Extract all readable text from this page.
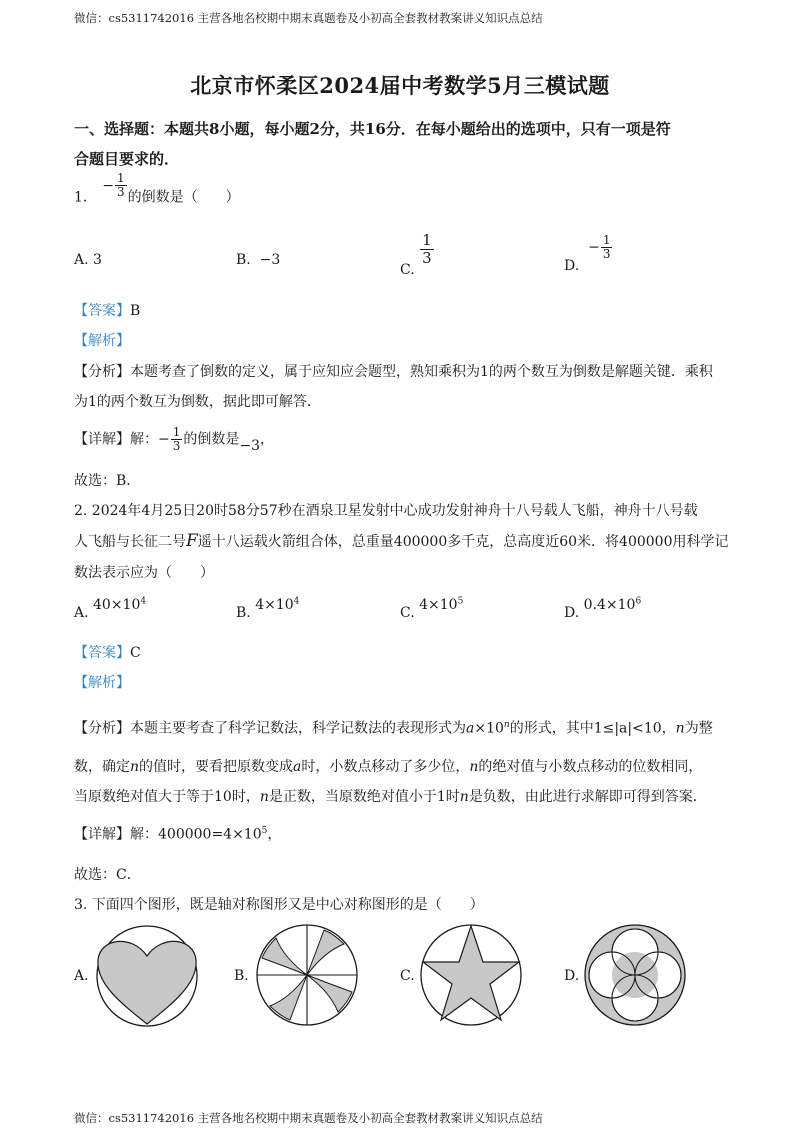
微信：cs5311742016 主营各地名校期中期末真题卷及小初高全套教材教案讲义知识点总结
微信：cs5311742016 主营各地名校期中期末真题卷及小初高全套教材教案讲义知识点总结
北京市怀柔区2024届中考数学5月三模试题
一、选择题：本题共8小题，每小题2分，共16分．在每小题给出的选项中，只有一项是符
合题目要求的．
1.  − $\frac{1}{3}$ 的倒数是（　　）
A. 3	B. −3
C.
$\frac{1}{3}$	D.  − $\frac{1}{3}$
【答案】B
【解析】
【分析】本题考查了倒数的定义，属于应知应会题型，熟知乘积为1的两个数互为倒数是解题关键．乘积
为1的两个数互为倒数，据此即可解答．
【详解】解：− $\frac{1}{3}$ 的倒数是−3，
故选：B．
2. 2024年4月25日20时58分57秒在酒泉卫星发射中心成功发射神舟十八号载人飞船，神舟十八号载
人飞船与长征二号F遥十八运载火箭组合体，总重量400000多千克，总高度近60米．将400000用科学记
数法表示应为（　　）
A. $40\times 10^4$
B. $4\times 10^4$
C. $4\times 10^5$
D. $0.4\times 10^6$
【答案】C
【解析】
【分析】本题主要考查了科学记数法，科学记数法的表现形式为$a\times 10^n$的形式，其中1≤|a|<10，n为整
数，确定n的值时，要看把原数变成a时，小数点移动了多少位，n的绝对值与小数点移动的位数相同，
当原数绝对值大于等于10时，n是正数，当原数绝对值小于1时n是负数，由此进行求解即可得到答案．
【详解】解：$400000=4\times 10^5$，
故选：C．
3. 下面四个图形，既是轴对称图形又是中心对称图形的是（　　）
A.	B.	C.	D.
